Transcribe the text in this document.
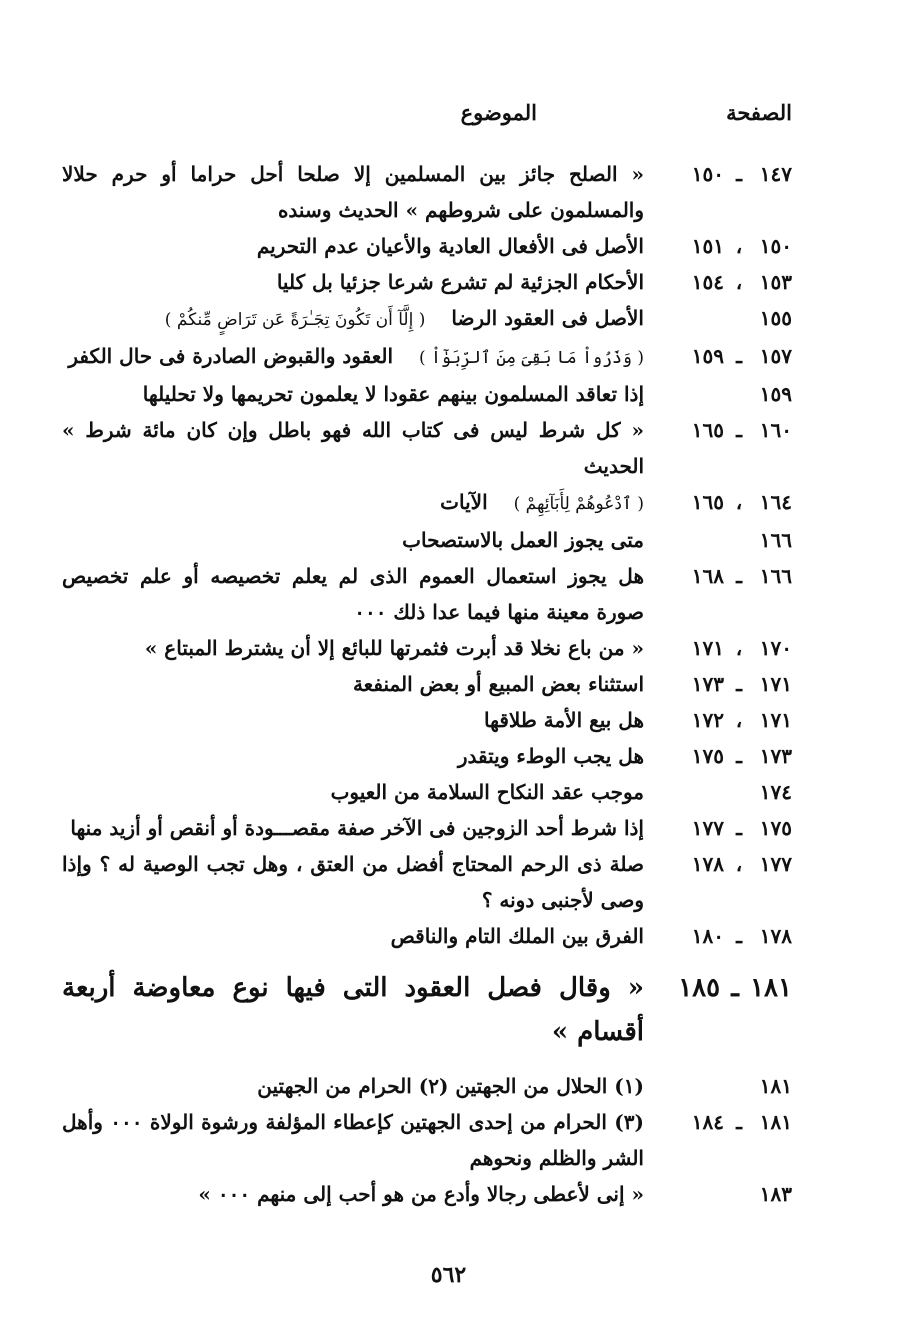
الصفحة
الموضوع
١٤٧ـ١٥٠
« الصلح جائز بين المسلمين إلا صلحا أحل حراما أو حرم حلالا والمسلمون على شروطهم » الحديث وسنده
١٥٠،١٥١
الأصل فى الأفعال العادية والأعيان عدم التحريم
١٥٣،١٥٤
الأحكام الجزئية لم تشرع شرعا جزئيا بل كليا
١٥٥
الأصل فى العقود الرضا( إِلَّآ أَن تَكُونَ تِجَـٰرَةً عَن تَرَاضٍ مِّنكُمْ )
١٥٧ـ١٥٩
( وَذَرُواْ مَا بَقِىَ مِنَ ٱلرِّبَوٰٓاْ )العقود والقبوض الصادرة فى حال الكفر
١٥٩
إذا تعاقد المسلمون بينهم عقودا لا يعلمون تحريمها ولا تحليلها
١٦٠ـ١٦٥
« كل شرط ليس فى كتاب الله فهو باطل وإن كان مائة شرط » الحديث
١٦٤،١٦٥
( ٱدْعُوهُمْ لِأَبَآئِهِمْ )الآيات
١٦٦
متى يجوز العمل بالاستصحاب
١٦٦ـ١٦٨
هل يجوز استعمال العموم الذى لم يعلم تخصيصه أو علم تخصيص صورة معينة منها فيما عدا ذلك ٠٠٠
١٧٠،١٧١
« من باع نخلا قد أبرت فثمرتها للبائع إلا أن يشترط المبتاع »
١٧١ـ١٧٣
استثناء بعض المبيع أو بعض المنفعة
١٧١،١٧٢
هل بيع الأمة طلاقها
١٧٣ـ١٧٥
هل يجب الوطء ويتقدر
١٧٤
موجب عقد النكاح السلامة من العيوب
١٧٥ـ١٧٧
إذا شرط أحد الزوجين فى الآخر صفة مقصـــودة أو أنقص أو أزيد منها
١٧٧،١٧٨
صلة ذى الرحم المحتاج أفضل من العتق ، وهل تجب الوصية له ؟ وإذا وصى لأجنبى دونه ؟
١٧٨ـ١٨٠
الفرق بين الملك التام والناقص
١٨١ـ١٨٥
« وقال فصل العقود التى فيها نوع معاوضة أربعة أقسام »
١٨١
(١) الحلال من الجهتين (٢) الحرام من الجهتين
١٨١ـ١٨٤
(٣) الحرام من إحدى الجهتين كإعطاء المؤلفة ورشوة الولاة ٠٠٠ وأهل الشر والظلم ونحوهم
١٨٣
« إنى لأعطى رجالا وأدع من هو أحب إلى منهم ٠٠٠ »
٥٦٢
